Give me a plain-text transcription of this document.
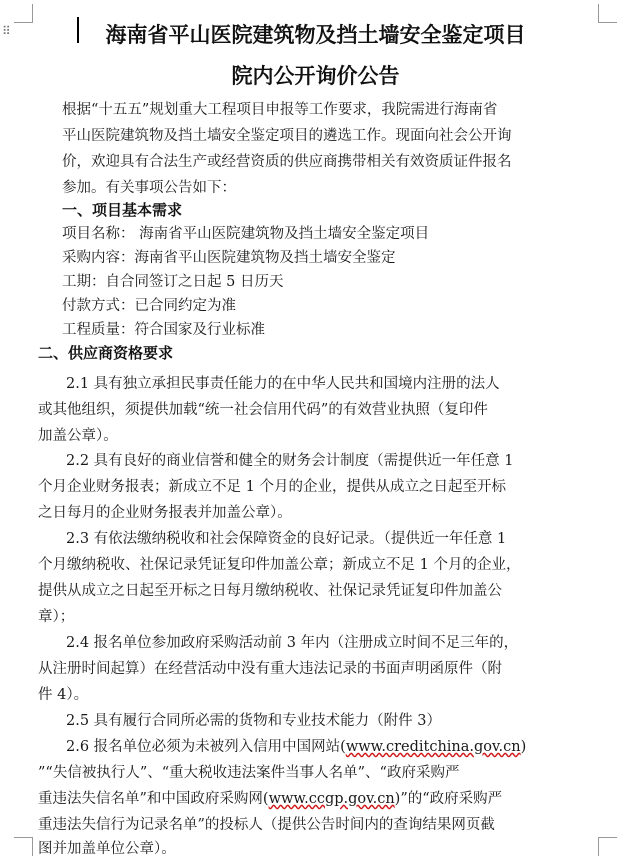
⠿	海南省平山医院建筑物及挡土墙安全鉴定项目
院内公开询价公告
根据“十五五”规划重大工程项目申报等工作要求，我院需进行海南省
平山医院建筑物及挡土墙安全鉴定项目的遴选工作。现面向社会公开询
价，欢迎具有合法生产或经营资质的供应商携带相关有效资质证件报名
参加。有关事项公告如下：
一、项目基本需求
项目名称： 海南省平山医院建筑物及挡土墙安全鉴定项目
采购内容：海南省平山医院建筑物及挡土墙安全鉴定
工期：自合同签订之日起 5 日历天
付款方式：已合同约定为准
工程质量：符合国家及行业标准
二、供应商资格要求
2.1 具有独立承担民事责任能力的在中华人民共和国境内注册的法人
或其他组织，须提供加载“统一社会信用代码”的有效营业执照（复印件
加盖公章）。
2.2 具有良好的商业信誉和健全的财务会计制度（需提供近一年任意 1
个月企业财务报表；新成立不足 1 个月的企业，提供从成立之日起至开标
之日每月的企业财务报表并加盖公章）。
2.3 有依法缴纳税收和社会保障资金的良好记录。（提供近一年任意 1
个月缴纳税收、社保记录凭证复印件加盖公章；新成立不足 1 个月的企业，
提供从成立之日起至开标之日每月缴纳税收、社保记录凭证复印件加盖公
章）；
2.4 报名单位参加政府采购活动前 3 年内（注册成立时间不足三年的，
从注册时间起算）在经营活动中没有重大违法记录的书面声明函原件（附
件 4）。
2.5 具有履行合同所必需的货物和专业技术能力（附件 3）
2.6 报名单位必须为未被列入信用中国网站(www.creditchina.gov.cn)
”“失信被执行人”、“重大税收违法案件当事人名单”、“政府采购严
重违法失信名单”和中国政府采购网(www.ccgp.gov.cn)”的“政府采购严
重违法失信行为记录名单”的投标人（提供公告时间内的查询结果网页截
图并加盖单位公章）。
